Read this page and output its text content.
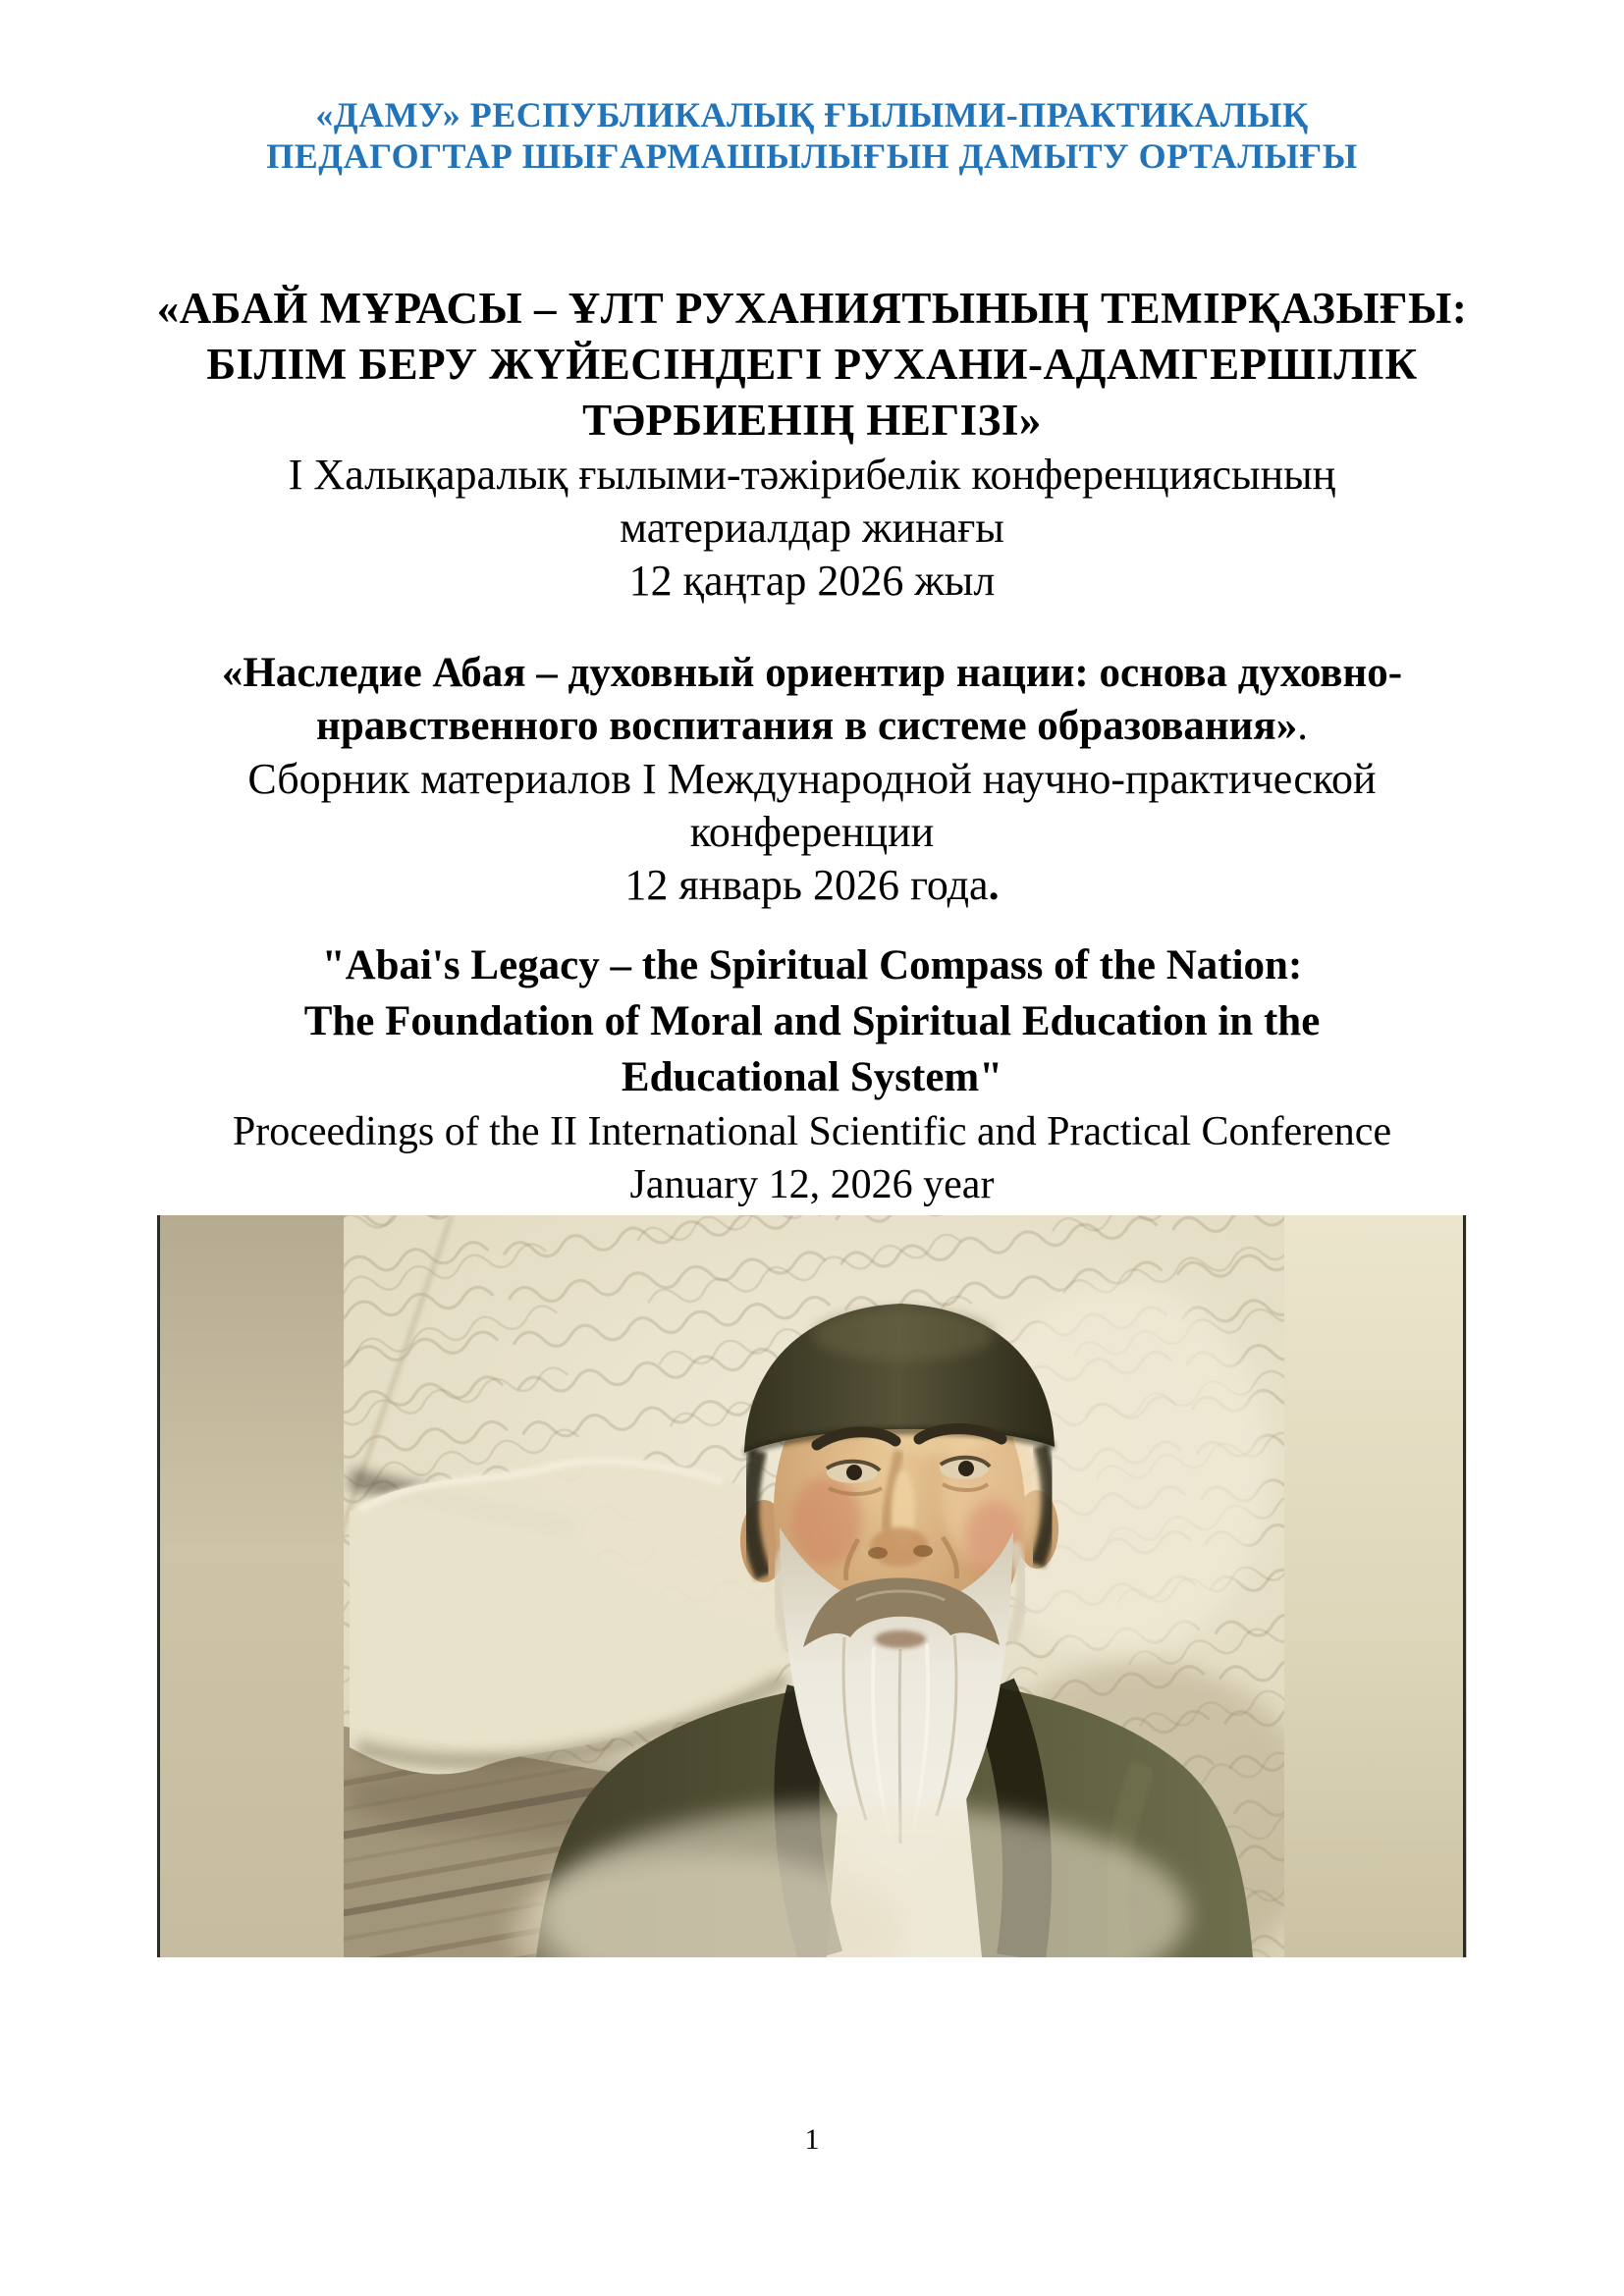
«ДАМУ» РЕСПУБЛИКАЛЫҚ ҒЫЛЫМИ-ПРАКТИКАЛЫҚ
ПЕДАГОГТАР ШЫҒАРМАШЫЛЫҒЫН ДАМЫТУ ОРТАЛЫҒЫ
«АБАЙ МҰРАСЫ – ҰЛТ РУХАНИЯТЫНЫҢ ТЕМІРҚАЗЫҒЫ:
БІЛІМ БЕРУ ЖҮЙЕСІНДЕГІ РУХАНИ-АДАМГЕРШІЛІК
ТӘРБИЕНІҢ НЕГІЗІ»
I Халықаралық ғылыми-тәжірибелік конференциясының
материалдар жинағы
12 қаңтар 2026 жыл
«Наследие Абая – духовный ориентир нации: основа духовно-
нравственного воспитания в системе образования».
Сборник материалов I Международной научно-практической
конференции
12 январь 2026 года.
"Abai's Legacy – the Spiritual Compass of the Nation:
The Foundation of Moral and Spiritual Education in the
Educational System"
Proceedings of the II International Scientific and Practical Conference
January 12, 2026 year
1
